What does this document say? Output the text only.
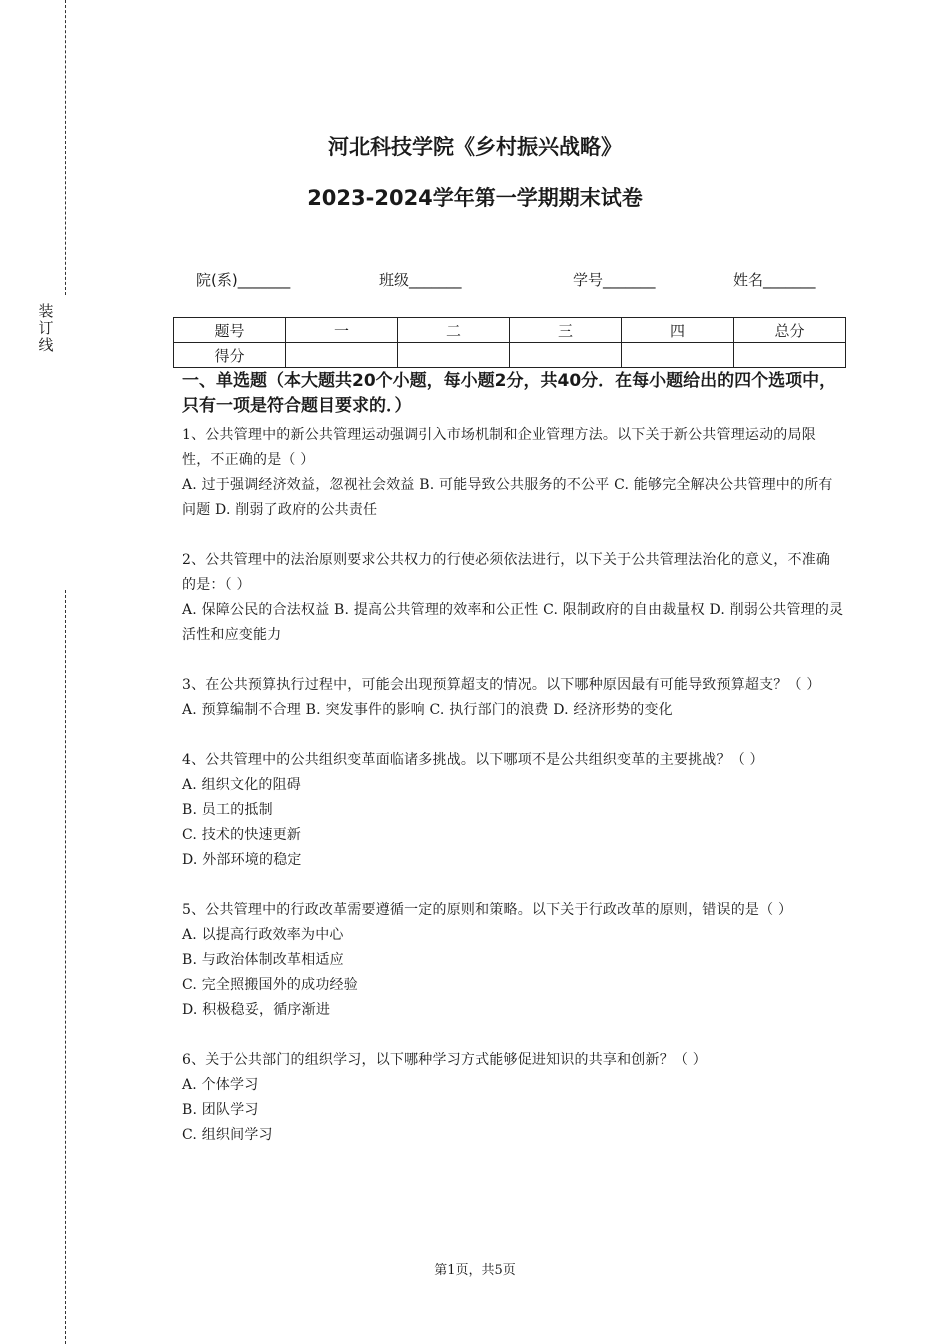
装
订
线
河北科技学院《乡村振兴战略》
2023-2024学年第一学期期末试卷
院(系)_______	班级_______	学号_______	姓名_______
题号	一	二	三	四	总分
得分					

一、单选题（本大题共20个小题，每小题2分，共40分．在每小题给出的四个选项中，只有一项是符合题目要求的．）

1、公共管理中的新公共管理运动强调引入市场机制和企业管理方法。以下关于新公共管理运动的局限性，不正确的是（ ）

A. 过于强调经济效益，忽视社会效益 B. 可能导致公共服务的不公平 C. 能够完全解决公共管理中的所有问题 D. 削弱了政府的公共责任

2、公共管理中的法治原则要求公共权力的行使必须依法进行，以下关于公共管理法治化的意义，不准确的是：（ ）

A. 保障公民的合法权益 B. 提高公共管理的效率和公正性 C. 限制政府的自由裁量权 D. 削弱公共管理的灵活性和应变能力

3、在公共预算执行过程中，可能会出现预算超支的情况。以下哪种原因最有可能导致预算超支？（ ）

A. 预算编制不合理 B. 突发事件的影响 C. 执行部门的浪费 D. 经济形势的变化

4、公共管理中的公共组织变革面临诸多挑战。以下哪项不是公共组织变革的主要挑战？（ ）

A. 组织文化的阻碍

B. 员工的抵制

C. 技术的快速更新

D. 外部环境的稳定

5、公共管理中的行政改革需要遵循一定的原则和策略。以下关于行政改革的原则，错误的是（ ）

A. 以提高行政效率为中心

B. 与政治体制改革相适应

C. 完全照搬国外的成功经验

D. 积极稳妥，循序渐进

6、关于公共部门的组织学习，以下哪种学习方式能够促进知识的共享和创新？（ ）

A. 个体学习

B. 团队学习

C. 组织间学习

第1页，共5页
